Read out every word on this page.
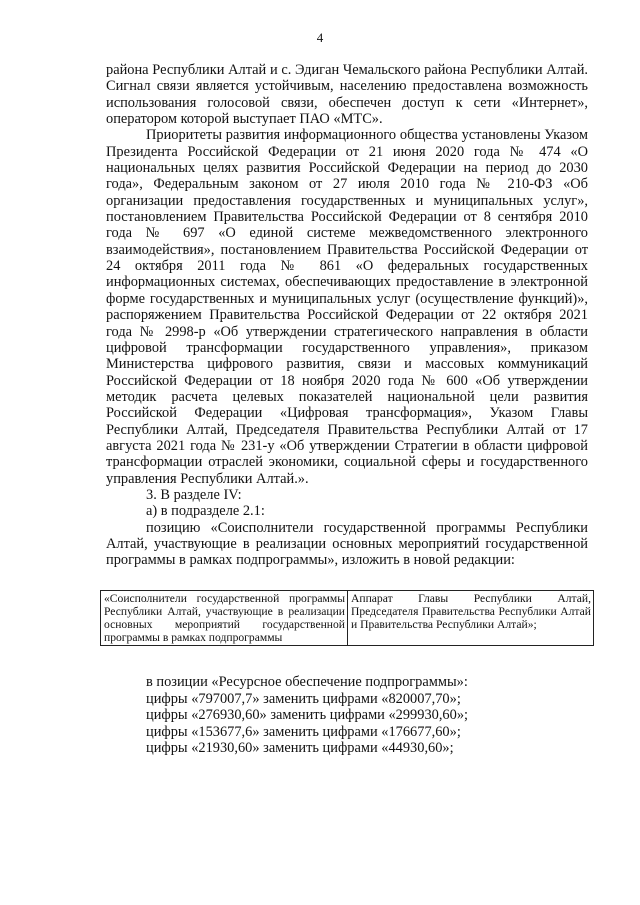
4

района Республики Алтай и с. Эдиган Чемальского района Республики Алтай. Сигнал связи является устойчивым, населению предоставлена возможность использования голосовой связи, обеспечен доступ к сети «Интернет», оператором которой выступает ПАО «МТС».

Приоритеты развития информационного общества установлены Указом Президента Российской Федерации от 21 июня 2020 года № 474 «О национальных целях развития Российской Федерации на период до 2030 года», Федеральным законом от 27 июля 2010 года № 210-ФЗ «Об организации предоставления государственных и муниципальных услуг», постановлением Правительства Российской Федерации от 8 сентября 2010 года № 697 «О единой системе межведомственного электронного взаимодействия», постановлением Правительства Российской Федерации от 24 октября 2011 года № 861 «О федеральных государственных информационных системах, обеспечивающих предоставление в электронной форме государственных и муниципальных услуг (осуществление функций)», распоряжением Правительства Российской Федерации от 22 октября 2021 года № 2998-р «Об утверждении стратегического направления в области цифровой трансформации государственного управления», приказом Министерства цифрового развития, связи и массовых коммуникаций Российской Федерации от 18 ноября 2020 года № 600 «Об утверждении методик расчета целевых показателей национальной цели развития Российской Федерации «Цифровая трансформация», Указом Главы Республики Алтай, Председателя Правительства Республики Алтай от 17 августа 2021 года № 231-у «Об утверждении Стратегии в области цифровой трансформации отраслей экономики, социальной сферы и государственного управления Республики Алтай.».

3. В разделе IV:

а) в подразделе 2.1:

позицию «Соисполнители государственной программы Республики Алтай, участвующие в реализации основных мероприятий государственной программы в рамках подпрограммы», изложить в новой редакции:

«Соисполнители государственной программы Республики Алтай, участвующие в реализации основных мероприятий государственной программы в рамках подпрограммы	Аппарат Главы Республики Алтай, Председателя Правительства Республики Алтай и Правительства Республики Алтай»;

в позиции «Ресурсное обеспечение подпрограммы»:

цифры «797007,7» заменить цифрами «820007,70»;

цифры «276930,60» заменить цифрами «299930,60»;

цифры «153677,6» заменить цифрами «176677,60»;

цифры «21930,60» заменить цифрами «44930,60»;
